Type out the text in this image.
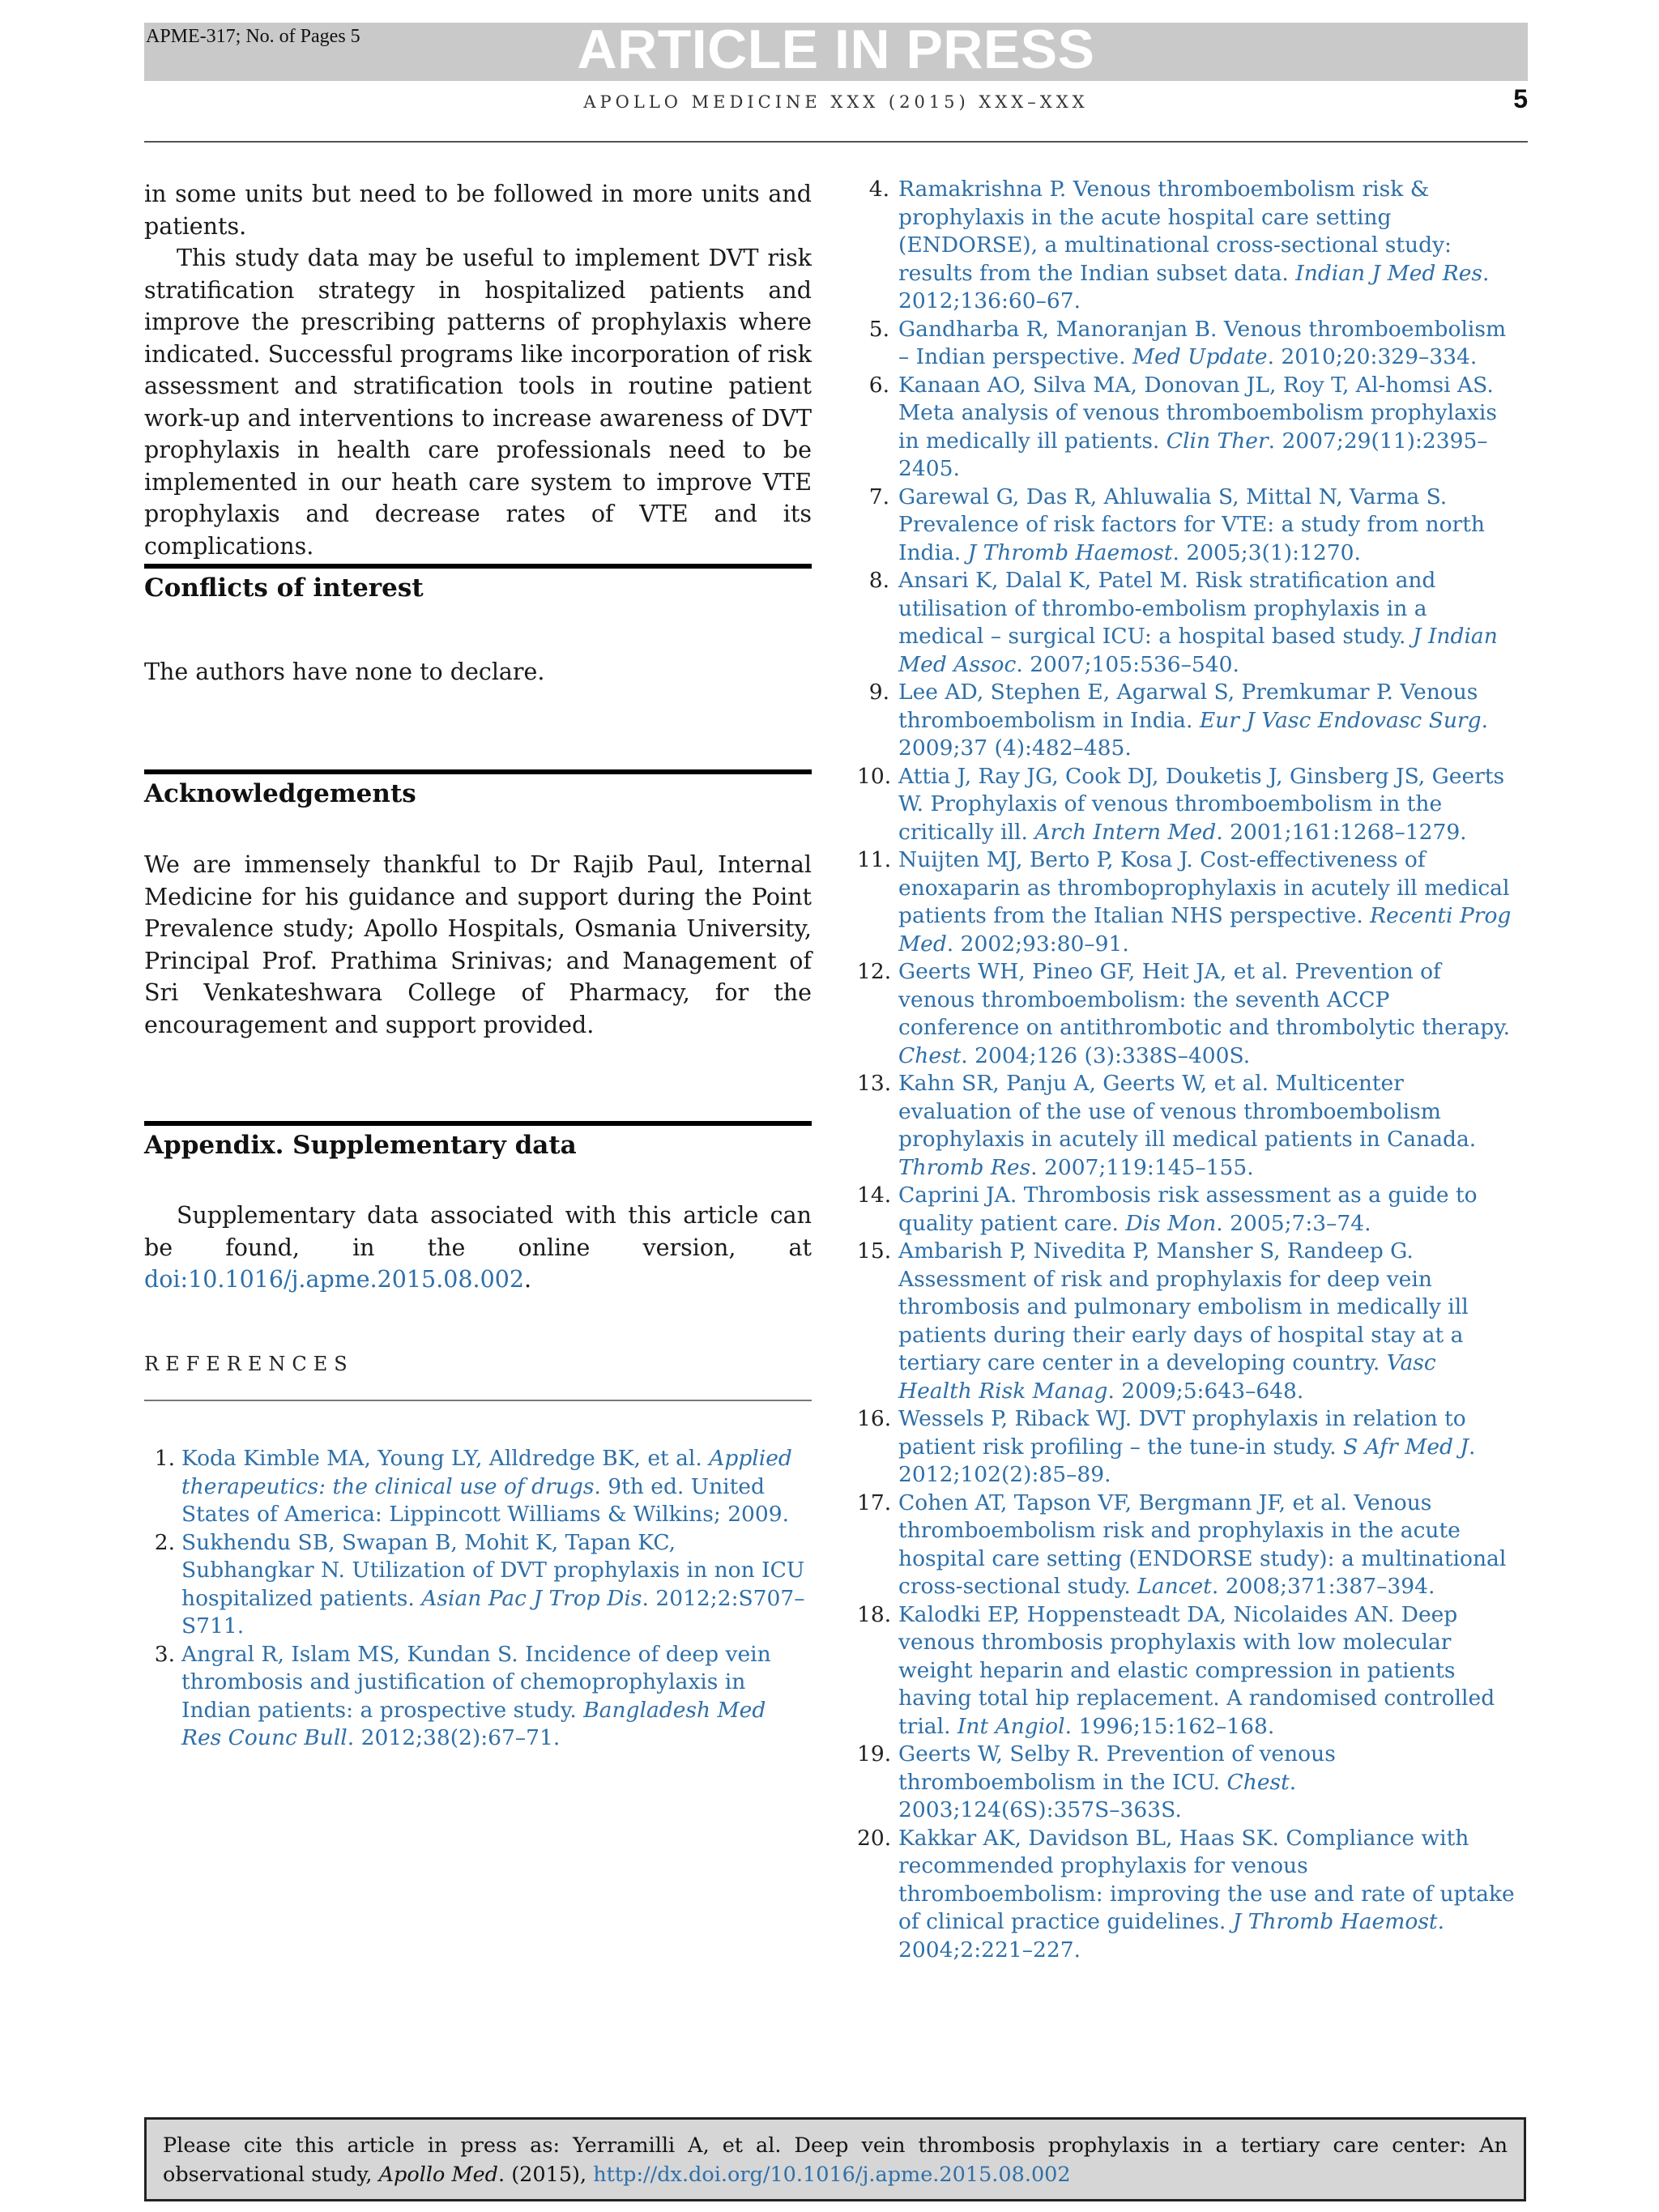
APME-317; No. of Pages 5	ARTICLE IN PRESS
APOLLO MEDICINE XXX (2015) XXX–XXX	5

in some units but need to be followed in more units and patients.

This study data may be useful to implement DVT risk stratification strategy in hospitalized patients and improve the prescribing patterns of prophylaxis where indicated. Successful programs like incorporation of risk assessment and stratification tools in routine patient work-up and interventions to increase awareness of DVT prophylaxis in health care professionals need to be implemented in our heath care system to improve VTE prophylaxis and decrease rates of VTE and its complications.

Conflicts of interest

The authors have none to declare.

Acknowledgements

We are immensely thankful to Dr Rajib Paul, Internal Medicine for his guidance and support during the Point Prevalence study; Apollo Hospitals, Osmania University, Principal Prof. Prathima Srinivas; and Management of Sri Venkateshwara College of Pharmacy, for the encouragement and support provided.

Appendix. Supplementary data

Supplementary data associated with this article can be found, in the online version, at doi:10.1016/j.apme.2015.08.002.

REFERENCES

1. Koda Kimble MA, Young LY, Alldredge BK, et al. Applied therapeutics: the clinical use of drugs. 9th ed. United States of America: Lippincott Williams & Wilkins; 2009.

2. Sukhendu SB, Swapan B, Mohit K, Tapan KC, Subhangkar N. Utilization of DVT prophylaxis in non ICU hospitalized patients. Asian Pac J Trop Dis. 2012;2:S707–S711.

3. Angral R, Islam MS, Kundan S. Incidence of deep vein thrombosis and justification of chemoprophylaxis in Indian patients: a prospective study. Bangladesh Med Res Counc Bull. 2012;38(2):67–71.

4. Ramakrishna P. Venous thromboembolism risk & prophylaxis in the acute hospital care setting (ENDORSE), a multinational cross-sectional study: results from the Indian subset data. Indian J Med Res. 2012;136:60–67.

5. Gandharba R, Manoranjan B. Venous thromboembolism – Indian perspective. Med Update. 2010;20:329–334.

6. Kanaan AO, Silva MA, Donovan JL, Roy T, Al-homsi AS. Meta analysis of venous thromboembolism prophylaxis in medically ill patients. Clin Ther. 2007;29(11):2395–2405.

7. Garewal G, Das R, Ahluwalia S, Mittal N, Varma S. Prevalence of risk factors for VTE: a study from north India. J Thromb Haemost. 2005;3(1):1270.

8. Ansari K, Dalal K, Patel M. Risk stratification and utilisation of thrombo-embolism prophylaxis in a medical – surgical ICU: a hospital based study. J Indian Med Assoc. 2007;105:536–540.

9. Lee AD, Stephen E, Agarwal S, Premkumar P. Venous thromboembolism in India. Eur J Vasc Endovasc Surg. 2009;37 (4):482–485.

10. Attia J, Ray JG, Cook DJ, Douketis J, Ginsberg JS, Geerts W. Prophylaxis of venous thromboembolism in the critically ill. Arch Intern Med. 2001;161:1268–1279.

11. Nuijten MJ, Berto P, Kosa J. Cost-effectiveness of enoxaparin as thromboprophylaxis in acutely ill medical patients from the Italian NHS perspective. Recenti Prog Med. 2002;93:80–91.

12. Geerts WH, Pineo GF, Heit JA, et al. Prevention of venous thromboembolism: the seventh ACCP conference on antithrombotic and thrombolytic therapy. Chest. 2004;126 (3):338S–400S.

13. Kahn SR, Panju A, Geerts W, et al. Multicenter evaluation of the use of venous thromboembolism prophylaxis in acutely ill medical patients in Canada. Thromb Res. 2007;119:145–155.

14. Caprini JA. Thrombosis risk assessment as a guide to quality patient care. Dis Mon. 2005;7:3–74.

15. Ambarish P, Nivedita P, Mansher S, Randeep G. Assessment of risk and prophylaxis for deep vein thrombosis and pulmonary embolism in medically ill patients during their early days of hospital stay at a tertiary care center in a developing country. Vasc Health Risk Manag. 2009;5:643–648.

16. Wessels P, Riback WJ. DVT prophylaxis in relation to patient risk profiling – the tune-in study. S Afr Med J. 2012;102(2):85–89.

17. Cohen AT, Tapson VF, Bergmann JF, et al. Venous thromboembolism risk and prophylaxis in the acute hospital care setting (ENDORSE study): a multinational cross-sectional study. Lancet. 2008;371:387–394.

18. Kalodki EP, Hoppensteadt DA, Nicolaides AN. Deep venous thrombosis prophylaxis with low molecular weight heparin and elastic compression in patients having total hip replacement. A randomised controlled trial. Int Angiol. 1996;15:162–168.

19. Geerts W, Selby R. Prevention of venous thromboembolism in the ICU. Chest. 2003;124(6S):357S–363S.

20. Kakkar AK, Davidson BL, Haas SK. Compliance with recommended prophylaxis for venous thromboembolism: improving the use and rate of uptake of clinical practice guidelines. J Thromb Haemost. 2004;2:221–227.

Please cite this article in press as: Yerramilli A, et al. Deep vein thrombosis prophylaxis in a tertiary care center: An observational study, Apollo Med. (2015), http://dx.doi.org/10.1016/j.apme.2015.08.002
